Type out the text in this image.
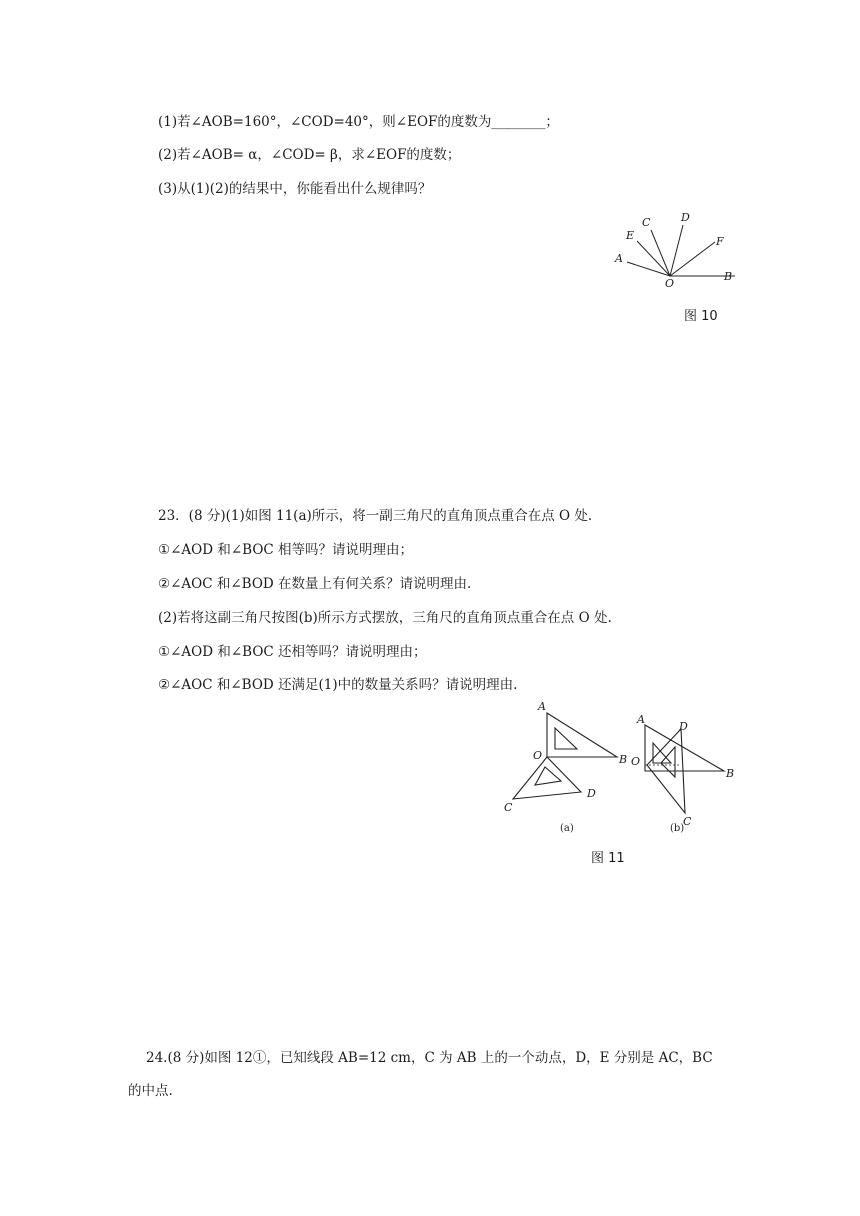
(1)若∠AOB=160°，∠COD=40°，则∠EOF的度数为________；
(2)若∠AOB= α，∠COD= β，求∠EOF的度数；
(3)从(1)(2)的结果中，你能看出什么规律吗？
A
E
C	D
F
O
B
图 10
23．(8 分)(1)如图 11(a)所示，将一副三角尺的直角顶点重合在点 O 处.
①∠AOD 和∠BOC 相等吗？请说明理由；
②∠AOC 和∠BOD 在数量上有何关系？请说明理由.
(2)若将这副三角尺按图(b)所示方式摆放，三角尺的直角顶点重合在点 O 处.
①∠AOD 和∠BOC 还相等吗？请说明理由；
②∠AOC 和∠BOD 还满足(1)中的数量关系吗？请说明理由.
A
O	B
C
D
(a)
A
D
O
B
C
(b)
图 11
24.(8 分)如图 12①，已知线段 AB=12 cm，C 为 AB 上的一个动点，D，E 分别是 AC，BC
的中点.
